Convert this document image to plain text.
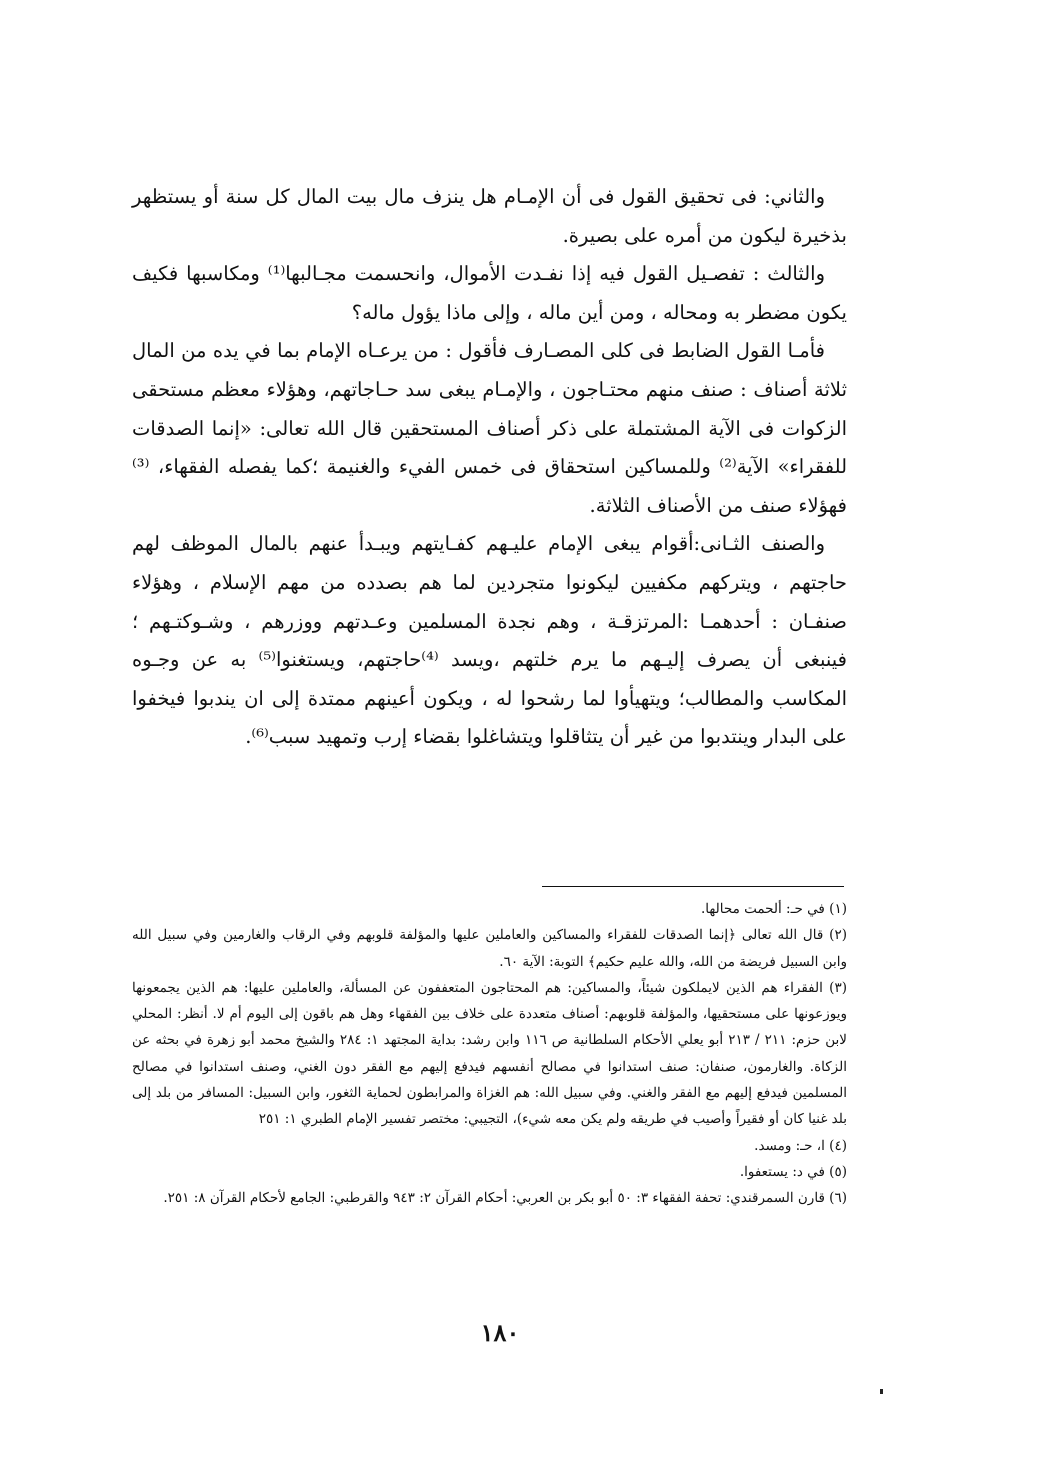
والثاني: فى تحقيق القول فى أن الإمـام هل ينزف مال بيت المال كل سنة أو يستظهر بذخيرة ليكون من أمره على بصيرة.

والثالث : تفصـيل القول فيه إذا نفـدت الأموال، وانحسمت مجـالبها⁽¹⁾ ومكاسبها فكيف يكون مضطر به ومحاله ، ومن أين ماله ، وإلى ماذا يؤول ماله؟

فأمـا القول الضابط فى كلى المصـارف فأقول : من يرعـاه الإمام بما في يده من المال ثلاثة أصناف : صنف منهم محتـاجون ، والإمـام يبغى سد حـاجاتهم، وهؤلاء معظم مستحقى الزكوات فى الآية المشتملة على ذكر أصناف المستحقين قال الله تعالى: «إنما الصدقات للفقراء» الآية⁽²⁾ وللمساكين استحقاق فى خمس الفيء والغنيمة ؛كما يفصله الفقهاء، ⁽³⁾ فهؤلاء صنف من الأصناف الثلاثة.

والصنف الثـانى:أقوام يبغى الإمام عليـهم كفـايتهم ويبـدأ عنهم بالمال الموظف لهم حاجتهم ، ويتركهم مكفيين ليكونوا متجردين لما هم بصدده من مهم الإسلام ، وهؤلاء صنفـان : أحدهمـا :المرتزقـة ، وهم نجدة المسلمين وعـدتهم ووزرهم ، وشـوكتـهم ؛ فينبغى أن يصرف إليـهم ما يرم خلتهم ،ويسد ⁽⁴⁾حاجتهم، ويستغنوا⁽⁵⁾ به عن وجـوه المكاسب والمطالب؛ ويتهيأوا لما رشحوا له ، ويكون أعينهم ممتدة إلى ان يندبوا فيخفوا على البدار وينتدبوا من غير أن يتثاقلوا ويتشاغلوا بقضاء إرب وتمهيد سبب⁽⁶⁾.

(١) في حـ: ألحمت محالها.

(٢) قال الله تعالى ﴿إنما الصدقات للفقراء والمساكين والعاملين عليها والمؤلفة قلوبهم وفي الرقاب والغارمين وفي سبيل الله وابن السبيل فريضة من الله، والله عليم حكيم﴾ التوبة: الآية ٦٠.

(٣) الفقراء هم الذين لايملكون شيئاً، والمساكين: هم المحتاجون المتعففون عن المسألة، والعاملين عليها: هم الذين يجمعونها ويوزعونها على مستحقيها، والمؤلفة قلوبهم: أصناف متعددة على خلاف بين الفقهاء وهل هم باقون إلى اليوم أم لا. أنظر: المحلي لابن حزم: ٢١١ / ٢١٣ أبو يعلي الأحكام السلطانية ص ١١٦ وابن رشد: بداية المجتهد ١: ٢٨٤ والشيخ محمد أبو زهرة في بحثه عن الزكاة. والغارمون، صنفان: صنف استدانوا في مصالح أنفسهم فيدفع إليهم مع الفقر دون الغني، وصنف استدانوا في مصالح المسلمين فيدفع إليهم مع الفقر والغني. وفي سبيل الله: هم الغزاة والمرابطون لحماية الثغور، وابن السبيل: المسافر من بلد إلى بلد غنيا كان أو فقيراً وأصيب في طريقه ولم يكن معه شيء)، التجيبي: مختصر تفسير الإمام الطبري ١: ٢٥١
(٤) ا، حـ: ومسد.

(٥) في د: يستعفوا.

(٦) قارن السمرقندي: تحفة الفقهاء ٣: ٥٠ أبو بكر بن العربي: أحكام القرآن ٢: ٩٤٣ والقرطبي: الجامع لأحكام القرآن ٨: ٢٥١.

١٨٠
